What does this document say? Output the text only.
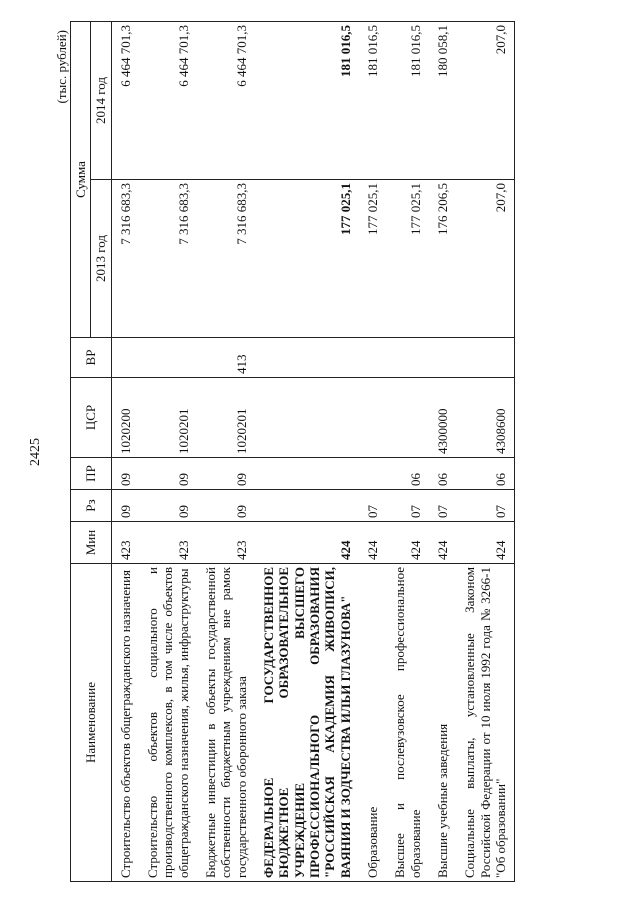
2425
(тыс. рублей)
Наименование	Мин	Рз	ПР	ЦСР	ВР	Сумма	
						2013 год	2014 год
Строительство объектов общегражданского назначения	423	09	09	1020200		7 316 683,3	6 464 701,3
Строительство объектов социального и производственного комплексов, в том числе объектов общегражданского назначения, жилья, инфраструктуры	423	09	09	1020201		7 316 683,3	6 464 701,3
Бюджетные инвестиции в объекты государственной собственности бюджетным учреждениям вне рамок государственного оборонного заказа	423	09	09	1020201	413	7 316 683,3	6 464 701,3
ФЕДЕРАЛЬНОЕ ГОСУДАРСТВЕННОЕ БЮДЖЕТНОЕ ОБРАЗОВАТЕЛЬНОЕ УЧРЕЖДЕНИЕ ВЫСШЕГО ПРОФЕССИОНАЛЬНОГО ОБРАЗОВАНИЯ "РОССИЙСКАЯ АКАДЕМИЯ ЖИВОПИСИ, ВАЯНИЯ И ЗОДЧЕСТВА ИЛЬИ ГЛАЗУНОВА"	424					177 025,1	181 016,5
Образование	424	07				177 025,1	181 016,5
Высшее и послевузовское профессиональное образование	424	07	06			177 025,1	181 016,5
Высшие учебные заведения	424	07	06	4300000		176 206,5	180 058,1
Социальные выплаты, установленные Законом Российской Федерации от 10 июля 1992 года № 3266-1 "Об образовании"	424	07	06	4308600		207,0	207,0
